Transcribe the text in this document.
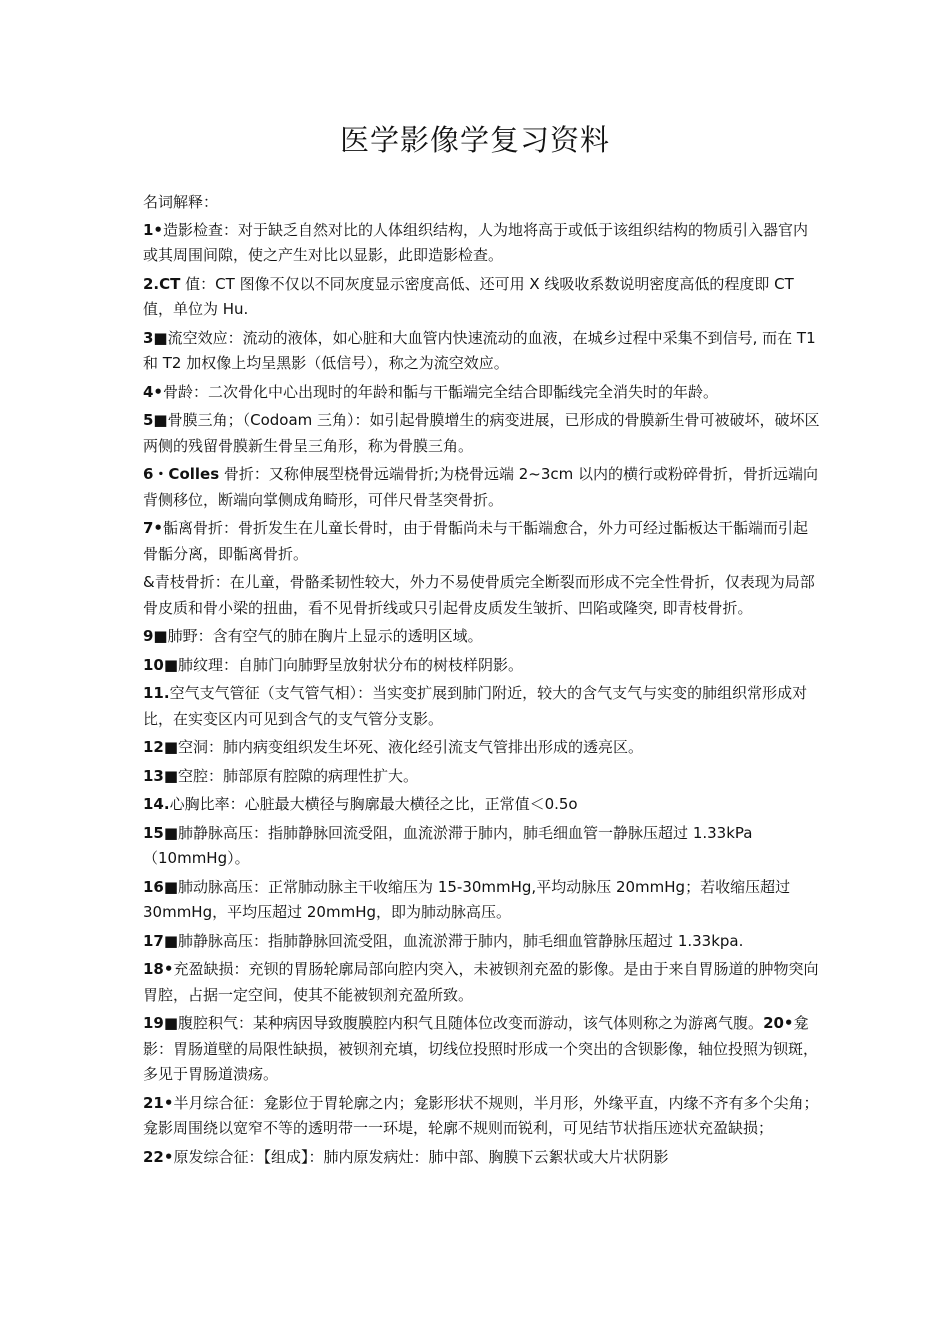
医学影像学复习资料
名词解释：
1•造影检查：对于缺乏自然对比的人体组织结构，人为地将高于或低于该组织结构的物质引入器官内或其周围间隙，使之产生对比以显影，此即造影检查。
2.CT 值：CT 图像不仅以不同灰度显示密度高低、还可用 X 线吸收系数说明密度高低的程度即 CT 值，单位为 Hu.
3■流空效应：流动的液体，如心脏和大血管内快速流动的血液，在城乡过程中采集不到信号, 而在 T1 和 T2 加权像上均呈黑影（低信号），称之为流空效应。
4•骨龄：二次骨化中心出现时的年龄和骺与干骺端完全结合即骺线完全消失时的年龄。
5■骨膜三角；（Codoam 三角）：如引起骨膜增生的病变进展，已形成的骨膜新生骨可被破坏，破坏区两侧的残留骨膜新生骨呈三角形，称为骨膜三角。
6・Colles 骨折：又称伸展型桡骨远端骨折;为桡骨远端 2~3cm 以内的横行或粉碎骨折，骨折远端向背侧移位，断端向掌侧成角畸形，可伴尺骨茎突骨折。
7•骺离骨折：骨折发生在儿童长骨时，由于骨骺尚未与干骺端愈合，外力可经过骺板达干骺端而引起骨骺分离，即骺离骨折。
&青枝骨折：在儿童，骨骼柔韧性较大，外力不易使骨质完全断裂而形成不完全性骨折，仅表现为局部骨皮质和骨小梁的扭曲，看不见骨折线或只引起骨皮质发生皱折、凹陷或隆突, 即青枝骨折。
9■肺野：含有空气的肺在胸片上显示的透明区域。
10■肺纹理：自肺门向肺野呈放射状分布的树枝样阴影。
11.空气支气管征（支气管气相）：当实变扩展到肺门附近，较大的含气支气与实变的肺组织常形成对比，在实变区内可见到含气的支气管分支影。
12■空洞：肺内病变组织发生坏死、液化经引流支气管排出形成的透亮区。
13■空腔：肺部原有腔隙的病理性扩大。
14.心胸比率：心脏最大横径与胸廓最大横径之比，正常值＜0.5o
15■肺静脉高压：指肺静脉回流受阻，血流淤滞于肺内，肺毛细血管一静脉压超过 1.33kPa（10mmHg）。
16■肺动脉高压：正常肺动脉主干收缩压为 15-30mmHg,平均动脉压 20mmHg；若收缩压超过 30mmHg，平均压超过 20mmHg，即为肺动脉高压。
17■肺静脉高压：指肺静脉回流受阻，血流淤滞于肺内，肺毛细血管静脉压超过 1.33kpa.
18•充盈缺损：充钡的胃肠轮廓局部向腔内突入，未被钡剂充盈的影像。是由于来自胃肠道的肿物突向胃腔，占据一定空间，使其不能被钡剂充盈所致。
19■腹腔积气：某种病因导致腹膜腔内积气且随体位改变而游动，该气体则称之为游离气腹。20•龛影：胃肠道壁的局限性缺损，被钡剂充填，切线位投照时形成一个突出的含钡影像，轴位投照为钡斑，多见于胃肠道溃疡。
21•半月综合征：龛影位于胃轮廓之内；龛影形状不规则，半月形，外缘平直，内缘不齐有多个尖角；龛影周围绕以宽窄不等的透明带一一环堤，轮廓不规则而锐利，可见结节状指压迹状充盈缺损；
22•原发综合征：【组成】：肺内原发病灶：肺中部、胸膜下云絮状或大片状阴影
